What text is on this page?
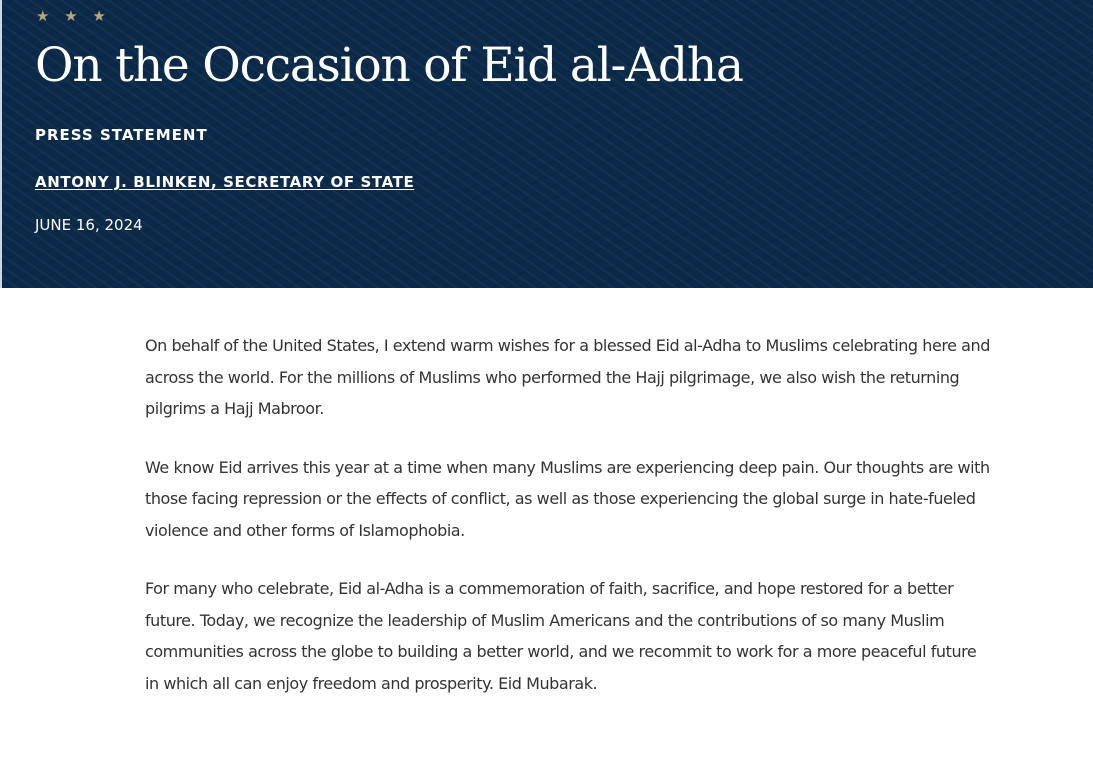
★ ★ ★
On the Occasion of Eid al-Adha
PRESS STATEMENT
ANTONY J. BLINKEN, SECRETARY OF STATE
JUNE 16, 2024

On behalf of the United States, I extend warm wishes for a blessed Eid al-Adha to Muslims celebrating here and across the world. For the millions of Muslims who performed the Hajj pilgrimage, we also wish the returning pilgrims a Hajj Mabroor.

We know Eid arrives this year at a time when many Muslims are experiencing deep pain. Our thoughts are with those facing repression or the effects of conflict, as well as those experiencing the global surge in hate-fueled violence and other forms of Islamophobia.

For many who celebrate, Eid al-Adha is a commemoration of faith, sacrifice, and hope restored for a better future. Today, we recognize the leadership of Muslim Americans and the contributions of so many Muslim communities across the globe to building a better world, and we recommit to work for a more peaceful future in which all can enjoy freedom and prosperity. Eid Mubarak.
